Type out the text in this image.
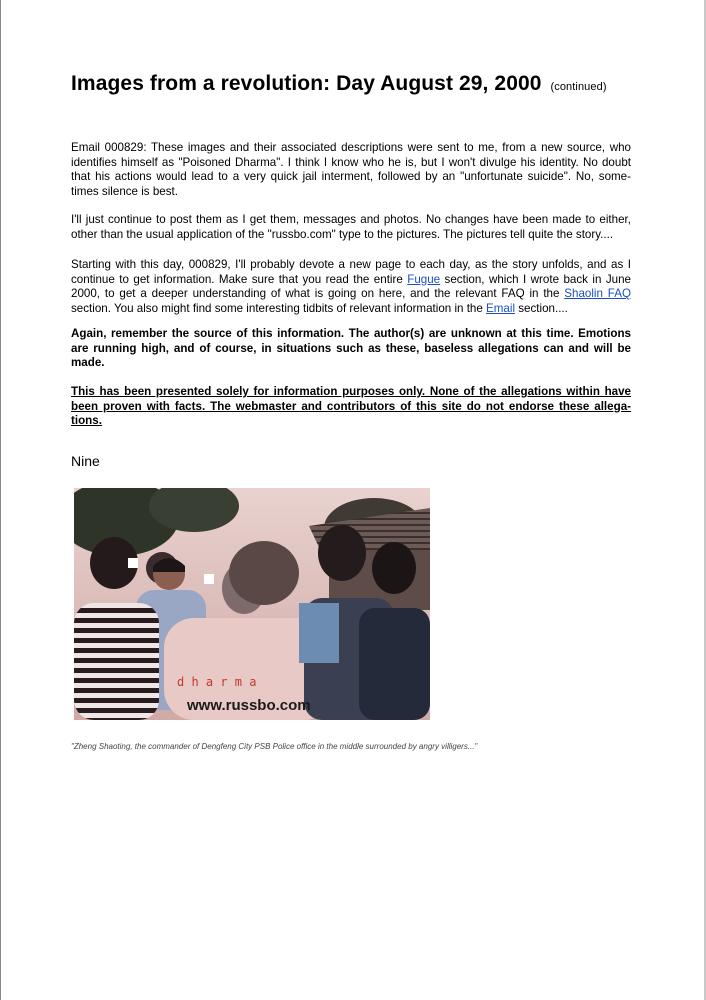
Images from a revolution: Day August 29, 2000 (continued)

Email 000829: These images and their associated descriptions were sent to me, from a new source, who identifies himself as "Poisoned Dharma". I think I know who he is, but I won't divulge his identity. No doubt that his actions would lead to a very quick jail interment, followed by an "unfortunate suicide". No, some-times silence is best.

I'll just continue to post them as I get them, messages and photos. No changes have been made to either, other than the usual application of the "russbo.com" type to the pictures. The pictures tell quite the story....

Starting with this day, 000829, I'll probably devote a new page to each day, as the story unfolds, and as I continue to get information. Make sure that you read the entire Fugue section, which I wrote back in June 2000, to get a deeper understanding of what is going on here, and the relevant FAQ in the Shaolin FAQ section. You also might find some interesting tidbits of relevant information in the Email section....

Again, remember the source of this information. The author(s) are unknown at this time. Emotions are running high, and of course, in situations such as these, baseless allegations can and will be made.

This has been presented solely for information purposes only. None of the allegations within have been proven with facts. The webmaster and contributors of this site do not endorse these allega-tions.

Nine
d h a r m a
www.russbo.com
"Zheng Shaoting, the commander of Dengfeng City PSB Police office in the middle surrounded by angry villigers..."
